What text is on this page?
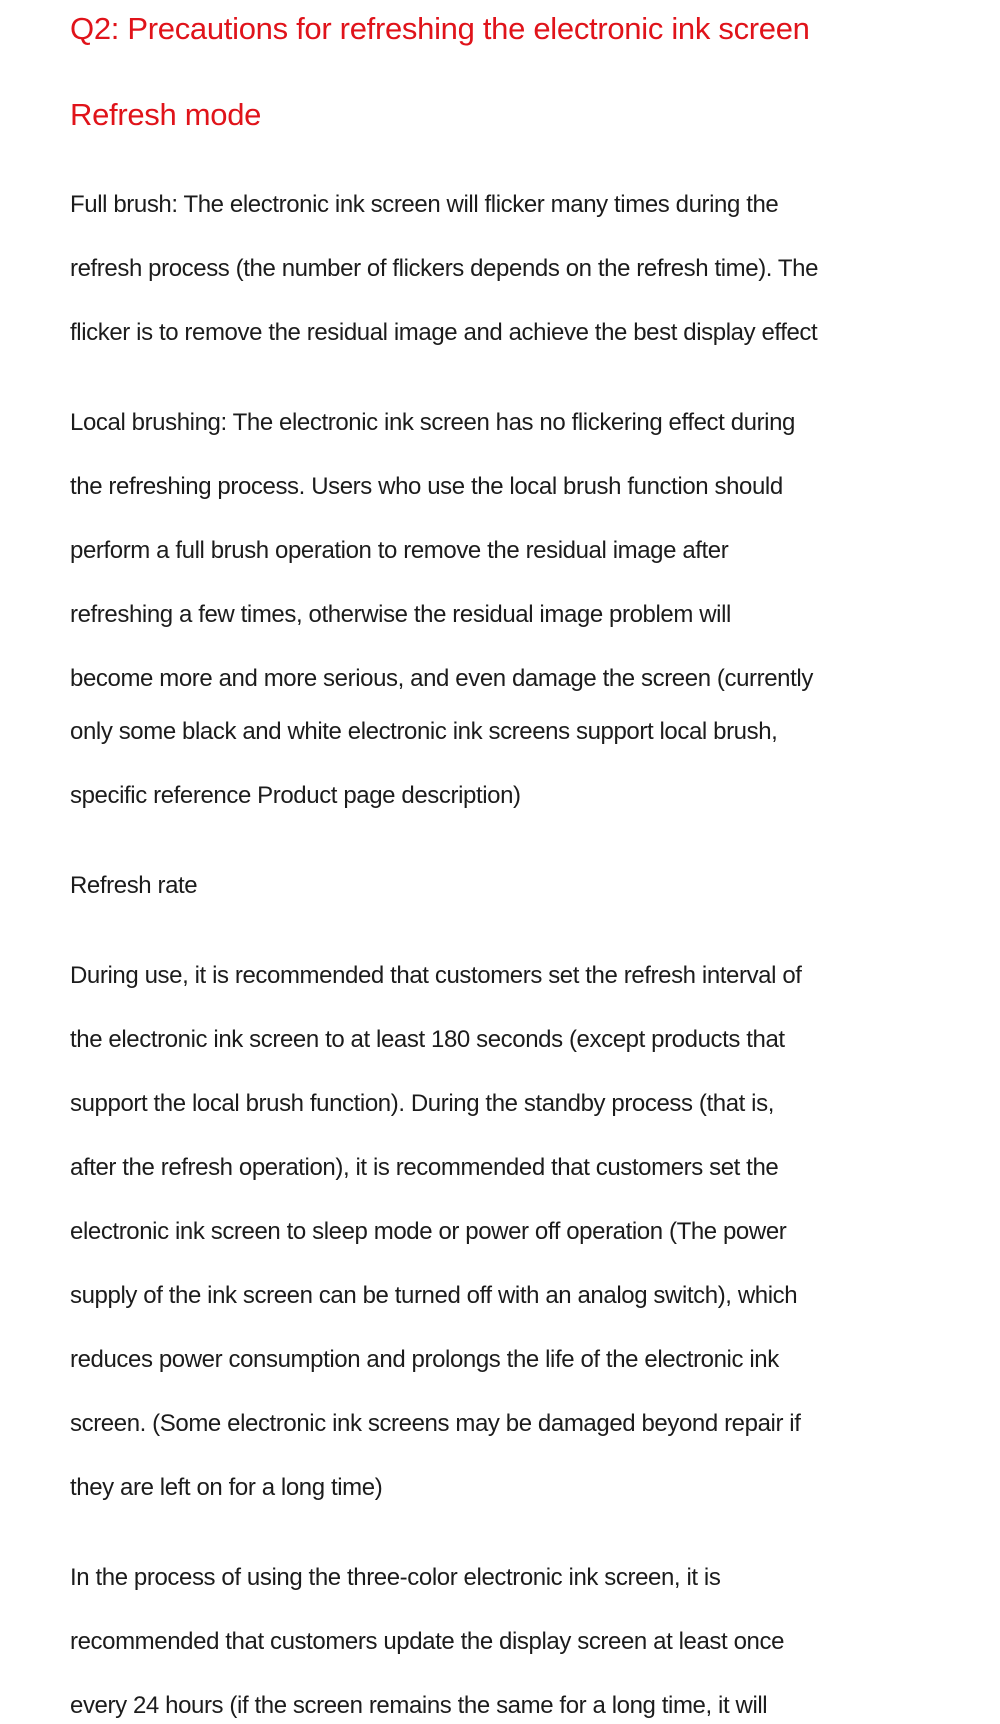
Q2: Precautions for refreshing the electronic ink screen
Refresh mode
Full brush: The electronic ink screen will flicker many times during the
refresh process (the number of flickers depends on the refresh time). The
flicker is to remove the residual image and achieve the best display effect
Local brushing: The electronic ink screen has no flickering effect during
the refreshing process. Users who use the local brush function should
perform a full brush operation to remove the residual image after
refreshing a few times, otherwise the residual image problem will
become more and more serious, and even damage the screen (currently
only some black and white electronic ink screens support local brush,
specific reference Product page description)
Refresh rate
During use, it is recommended that customers set the refresh interval of
the electronic ink screen to at least 180 seconds (except products that
support the local brush function). During the standby process (that is,
after the refresh operation), it is recommended that customers set the
electronic ink screen to sleep mode or power off operation (The power
supply of the ink screen can be turned off with an analog switch), which
reduces power consumption and prolongs the life of the electronic ink
screen. (Some electronic ink screens may be damaged beyond repair if
they are left on for a long time)
In the process of using the three-color electronic ink screen, it is
recommended that customers update the display screen at least once
every 24 hours (if the screen remains the same for a long time, it will
